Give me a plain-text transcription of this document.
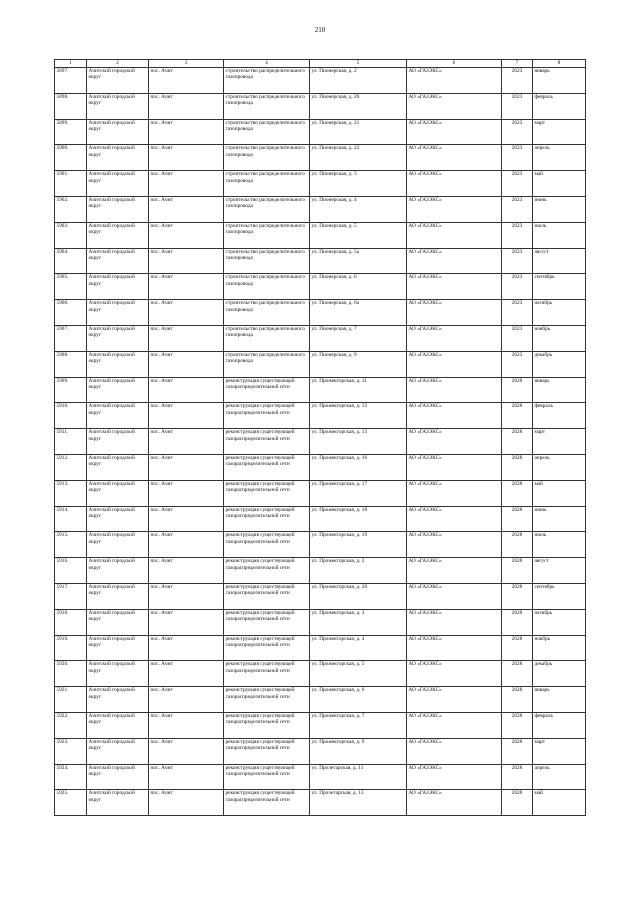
210
1	2	3	4	5	6	7	8
5897.	Ачитский городской округ	пос. Ачит	строительство распределительного газопровода	ул. Пионерская, д. 2	АО «ГАЗЭКС»	2023	январь
5898.	Ачитский городской округ	пос. Ачит	строительство распределительного газопровода	ул. Пионерская, д. 20	АО «ГАЗЭКС»	2023	февраль
5899.	Ачитский городской округ	пос. Ачит	строительство распределительного газопровода	ул. Пионерская, д. 21	АО «ГАЗЭКС»	2023	март
5900.	Ачитский городской округ	пос. Ачит	строительство распределительного газопровода	ул. Пионерская, д. 22	АО «ГАЗЭКС»	2023	апрель
5901.	Ачитский городской округ	пос. Ачит	строительство распределительного газопровода	ул. Пионерская, д. 3	АО «ГАЗЭКС»	2023	май
5902.	Ачитский городской округ	пос. Ачит	строительство распределительного газопровода	ул. Пионерская, д. 4	АО «ГАЗЭКС»	2023	июнь
5903.	Ачитский городской округ	пос. Ачит	строительство распределительного газопровода	ул. Пионерская, д. 5	АО «ГАЗЭКС»	2023	июль
5904.	Ачитский городской округ	пос. Ачит	строительство распределительного газопровода	ул. Пионерская, д. 5а	АО «ГАЗЭКС»	2023	август
5905.	Ачитский городской округ	пос. Ачит	строительство распределительного газопровода	ул. Пионерская, д. 6	АО «ГАЗЭКС»	2023	сентябрь
5906.	Ачитский городской округ	пос. Ачит	строительство распределительного газопровода	ул. Пионерская, д. 6а	АО «ГАЗЭКС»	2023	октябрь
5907.	Ачитский городской округ	пос. Ачит	строительство распределительного газопровода	ул. Пионерская, д. 7	АО «ГАЗЭКС»	2023	ноябрь
5908.	Ачитский городской округ	пос. Ачит	строительство распределительного газопровода	ул. Пионерская, д. 9	АО «ГАЗЭКС»	2023	декабрь
5909.	Ачитский городской округ	пос. Ачит	реконструкция существующей газораспределительной сети	ул. Прожекторская, д. 11	АО «ГАЗЭКС»	2028	январь
5910.	Ачитский городской округ	пос. Ачит	реконструкция существующей газораспределительной сети	ул. Прожекторская, д. 12	АО «ГАЗЭКС»	2028	февраль
5911.	Ачитский городской округ	пос. Ачит	реконструкция существующей газораспределительной сети	ул. Прожекторская, д. 13	АО «ГАЗЭКС»	2028	март
5912.	Ачитский городской округ	пос. Ачит	реконструкция существующей газораспределительной сети	ул. Прожекторская, д. 16	АО «ГАЗЭКС»	2028	апрель
5913.	Ачитский городской округ	пос. Ачит	реконструкция существующей газораспределительной сети	ул. Прожекторская, д. 17	АО «ГАЗЭКС»	2028	май
5914.	Ачитский городской округ	пос. Ачит	реконструкция существующей газораспределительной сети	ул. Прожекторская, д. 18	АО «ГАЗЭКС»	2028	июнь
5915.	Ачитский городской округ	пос. Ачит	реконструкция существующей газораспределительной сети	ул. Прожекторская, д. 19	АО «ГАЗЭКС»	2028	июль
5916.	Ачитский городской округ	пос. Ачит	реконструкция существующей газораспределительной сети	ул. Прожекторская, д. 2	АО «ГАЗЭКС»	2028	август
5917.	Ачитский городской округ	пос. Ачит	реконструкция существующей газораспределительной сети	ул. Прожекторская, д. 20	АО «ГАЗЭКС»	2028	сентябрь
5918.	Ачитский городской округ	пос. Ачит	реконструкция существующей газораспределительной сети	ул. Прожекторская, д. 3	АО «ГАЗЭКС»	2028	октябрь
5919.	Ачитский городской округ	пос. Ачит	реконструкция существующей газораспределительной сети	ул. Прожекторская, д. 4	АО «ГАЗЭКС»	2028	ноябрь
5920.	Ачитский городской округ	пос. Ачит	реконструкция существующей газораспределительной сети	ул. Прожекторская, д. 5	АО «ГАЗЭКС»	2028	декабрь
5921.	Ачитский городской округ	пос. Ачит	реконструкция существующей газораспределительной сети	ул. Прожекторская, д. 6	АО «ГАЗЭКС»	2028	январь
5922.	Ачитский городской округ	пос. Ачит	реконструкция существующей газораспределительной сети	ул. Прожекторская, д. 7	АО «ГАЗЭКС»	2028	февраль
5923.	Ачитский городской округ	пос. Ачит	реконструкция существующей газораспределительной сети	ул. Прожекторская, д. 9	АО «ГАЗЭКС»	2028	март
5924.	Ачитский городской округ	пос. Ачит	реконструкция существующей газораспределительной сети	ул. Пролетарская, д. 11	АО «ГАЗЭКС»	2028	апрель
5925.	Ачитский городской округ	пос. Ачит	реконструкция существующей газораспределительной сети	ул. Пролетарская, д. 13	АО «ГАЗЭКС»	2028	май
